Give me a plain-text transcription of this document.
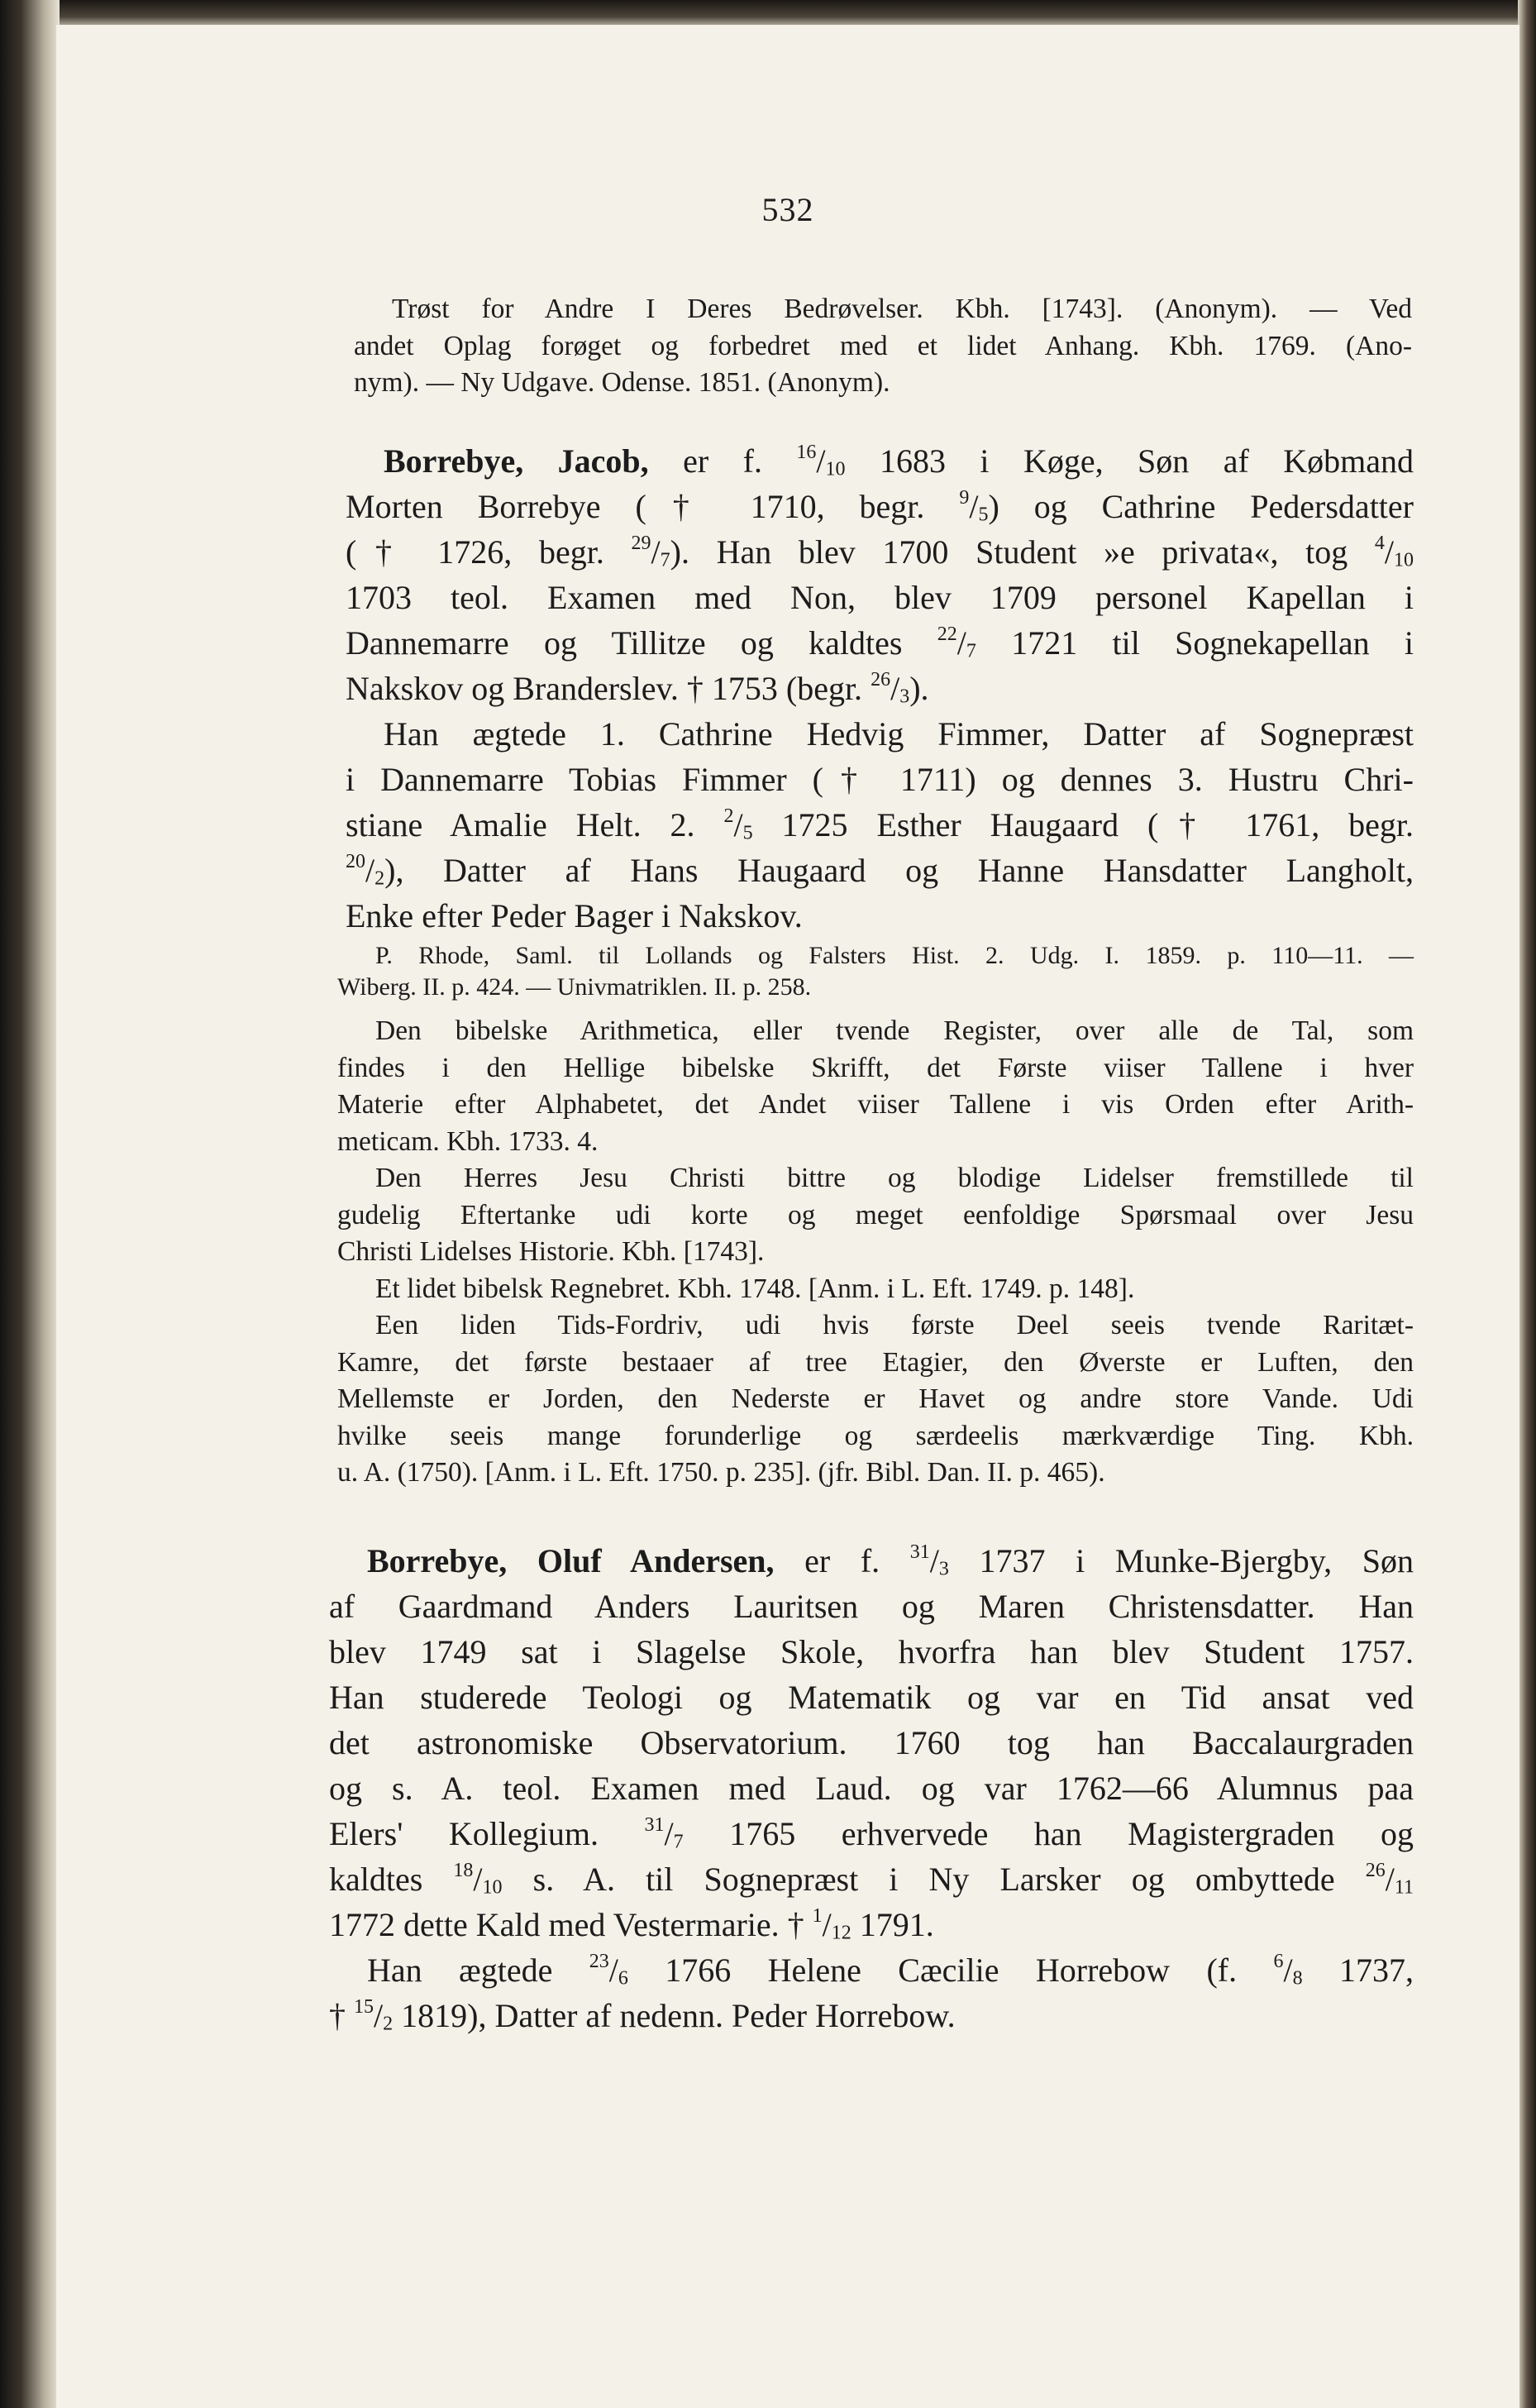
532
Trøst for Andre I Deres Bedrøvelser. Kbh. [1743]. (Anonym). — Ved
andet Oplag forøget og forbedret med et lidet Anhang. Kbh. 1769. (Ano-
nym). — Ny Udgave. Odense. 1851. (Anonym).
Borrebye, Jacob, er f. $^{16}/_{10}$ 1683 i Køge, Søn af Købmand
Morten Borrebye († 1710, begr. $^9/_5$) og Cathrine Pedersdatter
(† 1726, begr. $^{29}/_7$). Han blev 1700 Student »e privata«, tog $^4/_{10}$
1703 teol. Examen med Non, blev 1709 personel Kapellan i
Dannemarre og Tillitze og kaldtes $^{22}/_7$ 1721 til Sognekapellan i
Nakskov og Branderslev. † 1753 (begr. $^{26}/_3$).
Han ægtede 1. Cathrine Hedvig Fimmer, Datter af Sognepræst
i Dannemarre Tobias Fimmer († 1711) og dennes 3. Hustru Chri-
stiane Amalie Helt. 2. $^2/_5$ 1725 Esther Haugaard († 1761, begr.
$^{20}/_2$), Datter af Hans Haugaard og Hanne Hansdatter Langholt,
Enke efter Peder Bager i Nakskov.
P. Rhode, Saml. til Lollands og Falsters Hist. 2. Udg. I. 1859. p. 110—11. —
Wiberg. II. p. 424. — Univmatriklen. II. p. 258.
Den bibelske Arithmetica, eller tvende Register, over alle de Tal, som
findes i den Hellige bibelske Skrifft, det Første viiser Tallene i hver
Materie efter Alphabetet, det Andet viiser Tallene i vis Orden efter Arith-
meticam. Kbh. 1733. 4.
Den Herres Jesu Christi bittre og blodige Lidelser fremstillede til
gudelig Eftertanke udi korte og meget eenfoldige Spørsmaal over Jesu
Christi Lidelses Historie. Kbh. [1743].
Et lidet bibelsk Regnebret. Kbh. 1748. [Anm. i L. Eft. 1749. p. 148].
Een liden Tids-Fordriv, udi hvis første Deel seeis tvende Raritæt-
Kamre, det første bestaaer af tree Etagier, den Øverste er Luften, den
Mellemste er Jorden, den Nederste er Havet og andre store Vande. Udi
hvilke seeis mange forunderlige og særdeelis mærkværdige Ting. Kbh.
u. A. (1750). [Anm. i L. Eft. 1750. p. 235]. (jfr. Bibl. Dan. II. p. 465).
Borrebye, Oluf Andersen, er f. $^{31}/_3$ 1737 i Munke-Bjergby, Søn
af Gaardmand Anders Lauritsen og Maren Christensdatter. Han
blev 1749 sat i Slagelse Skole, hvorfra han blev Student 1757.
Han studerede Teologi og Matematik og var en Tid ansat ved
det astronomiske Observatorium. 1760 tog han Baccalaurgraden
og s. A. teol. Examen med Laud. og var 1762—66 Alumnus paa
Elers' Kollegium. $^{31}/_7$ 1765 erhvervede han Magistergraden og
kaldtes $^{18}/_{10}$ s. A. til Sognepræst i Ny Larsker og ombyttede $^{26}/_{11}$
1772 dette Kald med Vestermarie. † $^1/_{12}$ 1791.
Han ægtede $^{23}/_6$ 1766 Helene Cæcilie Horrebow (f. $^6/_8$ 1737,
† $^{15}/_2$ 1819), Datter af nedenn. Peder Horrebow.
